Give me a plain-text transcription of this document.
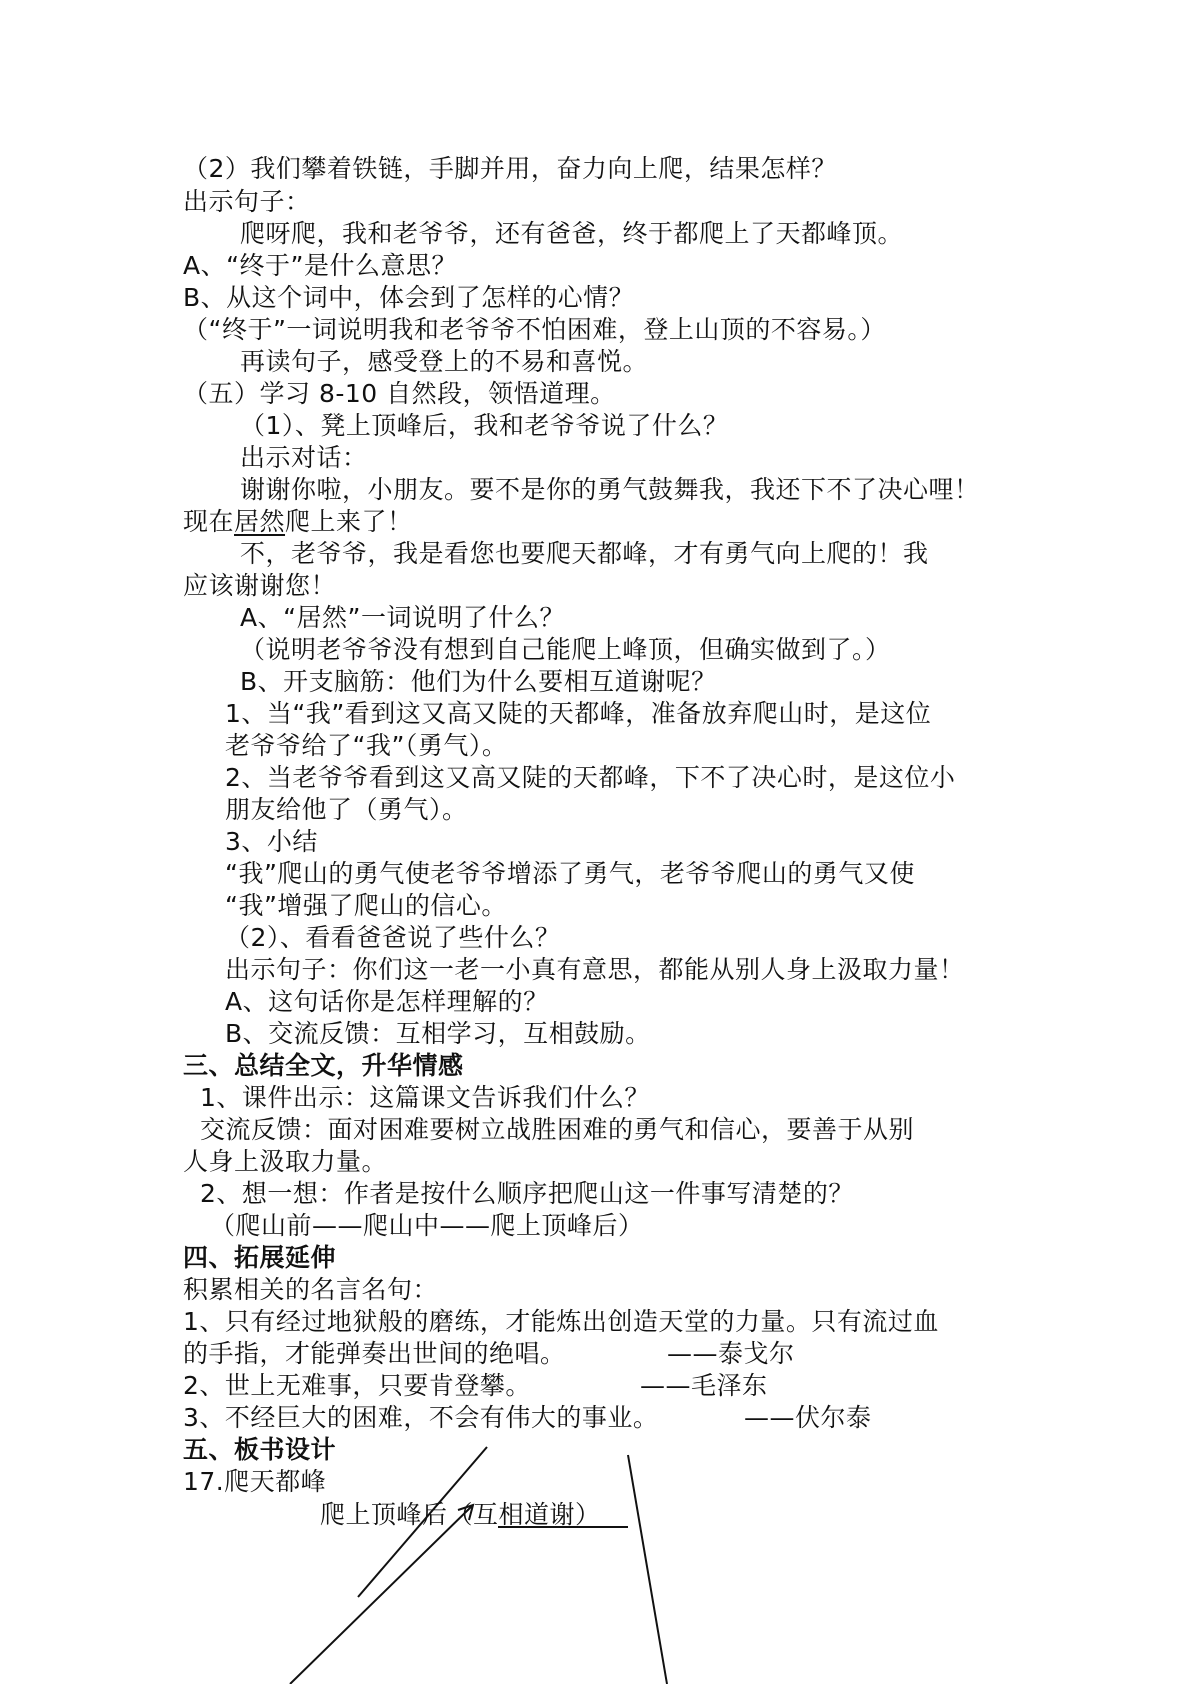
（2）我们攀着铁链，手脚并用，奋力向上爬，结果怎样？
出示句子：
爬呀爬，我和老爷爷，还有爸爸，终于都爬上了天都峰顶。
A、“终于”是什么意思？
B、从这个词中，体会到了怎样的心情？
（“终于”一词说明我和老爷爷不怕困难，登上山顶的不容易。）
再读句子，感受登上的不易和喜悦。
（五）学习 8-10 自然段，领悟道理。
（1）、凳上顶峰后，我和老爷爷说了什么？
出示对话：
谢谢你啦，小朋友。要不是你的勇气鼓舞我，我还下不了决心哩！
现在居然爬上来了！
不，老爷爷，我是看您也要爬天都峰，才有勇气向上爬的！我
应该谢谢您！
A、“居然”一词说明了什么？
（说明老爷爷没有想到自己能爬上峰顶，但确实做到了。）
B、开支脑筋：他们为什么要相互道谢呢？
1、当“我”看到这又高又陡的天都峰，准备放弃爬山时，是这位
老爷爷给了“我”（勇气）。
2、当老爷爷看到这又高又陡的天都峰，下不了决心时，是这位小
朋友给他了（勇气）。
3、小结
“我”爬山的勇气使老爷爷增添了勇气，老爷爷爬山的勇气又使
“我”增强了爬山的信心。
（2）、看看爸爸说了些什么？
出示句子：你们这一老一小真有意思，都能从别人身上汲取力量！
A、这句话你是怎样理解的？
B、交流反馈：互相学习，互相鼓励。
三、总结全文，升华情感
1、课件出示：这篇课文告诉我们什么？
交流反馈：面对困难要树立战胜困难的勇气和信心，要善于从别
人身上汲取力量。
2、想一想：作者是按什么顺序把爬山这一件事写清楚的？
（爬山前——爬山中——爬上顶峰后）
四、拓展延伸
积累相关的名言名句：
1、只有经过地狱般的磨练，才能炼出创造天堂的力量。只有流过血
的手指，才能弹奏出世间的绝唱。	——泰戈尔
2、世上无难事，只要肯登攀。	——毛泽东
3、不经巨大的困难，不会有伟大的事业。	——伏尔泰
五、板书设计
17.爬天都峰
爬上顶峰后（互相道谢）
